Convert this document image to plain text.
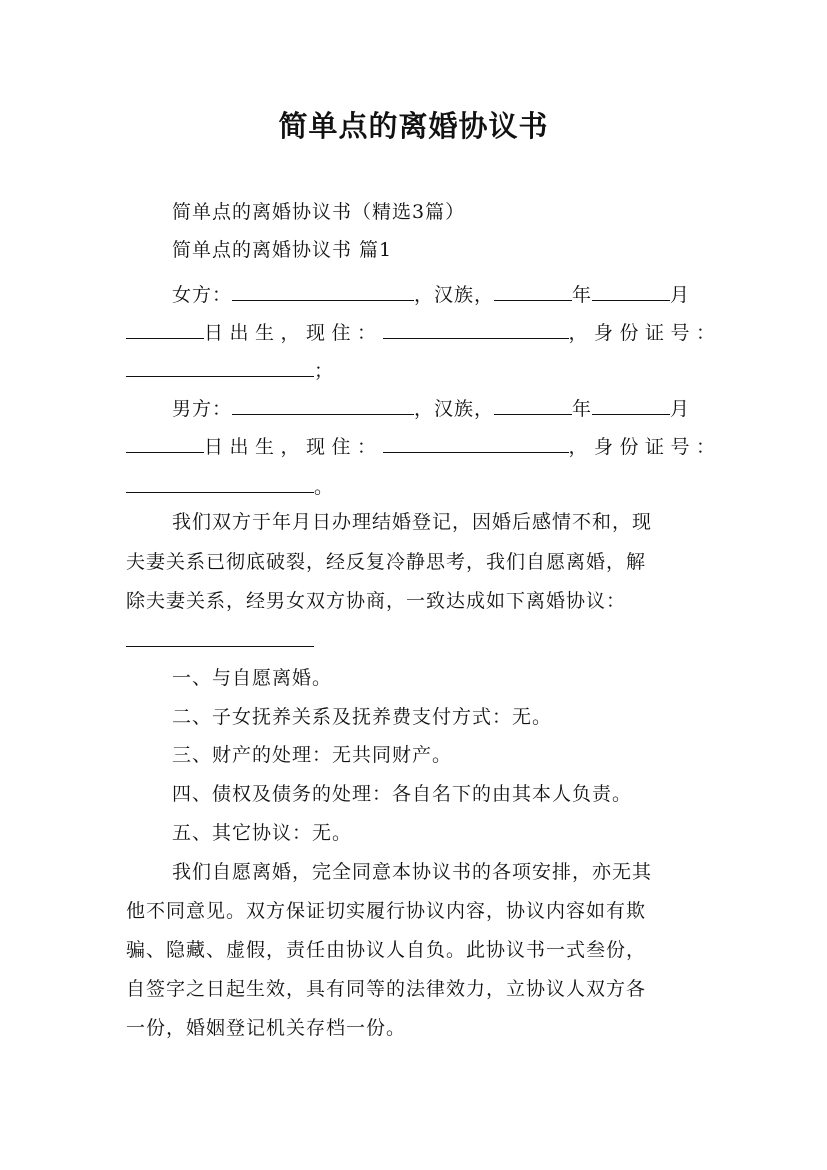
简单点的离婚协议书
简单点的离婚协议书（精选3篇）
简单点的离婚协议书 篇1
女方：	，汉族，	年	月
日出生，现住：	，身份证号：
；
男方：	，汉族，	年	月
日出生，现住：	，身份证号：
。
我们双方于年月日办理结婚登记，因婚后感情不和，现
夫妻关系已彻底破裂，经反复冷静思考，我们自愿离婚，解
除夫妻关系，经男女双方协商，一致达成如下离婚协议：
一、与自愿离婚。
二、子女抚养关系及抚养费支付方式：无。
三、财产的处理：无共同财产。
四、债权及债务的处理：各自名下的由其本人负责。
五、其它协议：无。
我们自愿离婚，完全同意本协议书的各项安排，亦无其
他不同意见。双方保证切实履行协议内容，协议内容如有欺
骗、隐藏、虚假，责任由协议人自负。此协议书一式叁份，
自签字之日起生效，具有同等的法律效力，立协议人双方各
一份，婚姻登记机关存档一份。
